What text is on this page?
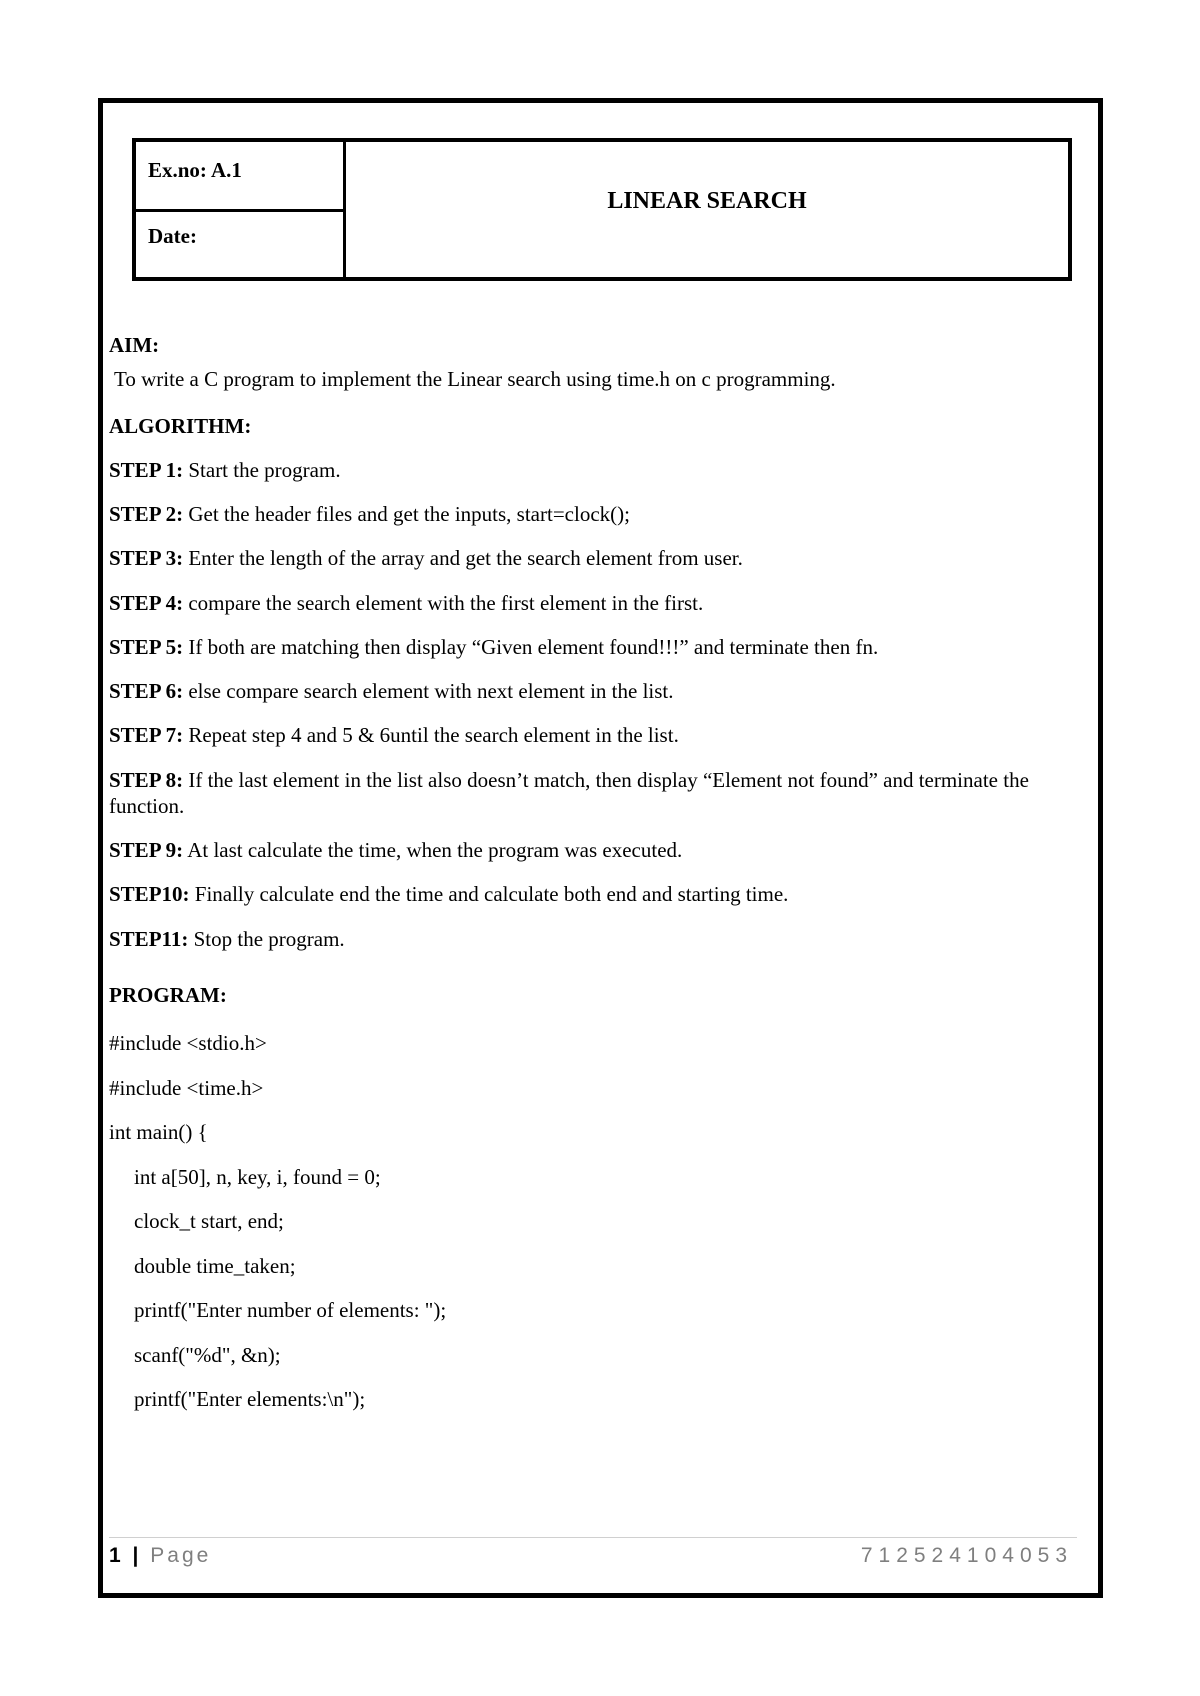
Ex.no: A.1
Date:
LINEAR SEARCH
AIM:
To write a C program to implement the Linear search using time.h on c programming.
ALGORITHM:
STEP 1: Start the program.
STEP 2: Get the header files and get the inputs, start=clock();
STEP 3: Enter the length of the array and get the search element from user.
STEP 4: compare the search element with the first element in the first.
STEP 5: If both are matching then display “Given element found!!!” and terminate then fn.
STEP 6: else compare search element with next element in the list.
STEP 7: Repeat step 4 and 5 & 6until the search element in the list.
STEP 8: If the last element in the list also doesn’t match, then display “Element not found” and terminate the function.
STEP 9: At last calculate the time, when the program was executed.
STEP10: Finally calculate end the time and calculate both end and starting time.
STEP11: Stop the program.
PROGRAM:
#include <stdio.h>
#include <time.h>
int main() {
int a[50], n, key, i, found = 0;
clock_t start, end;
double time_taken;
printf("Enter number of elements: ");
scanf("%d", &n);
printf("Enter elements:\n");
1 | Page	712524104053
